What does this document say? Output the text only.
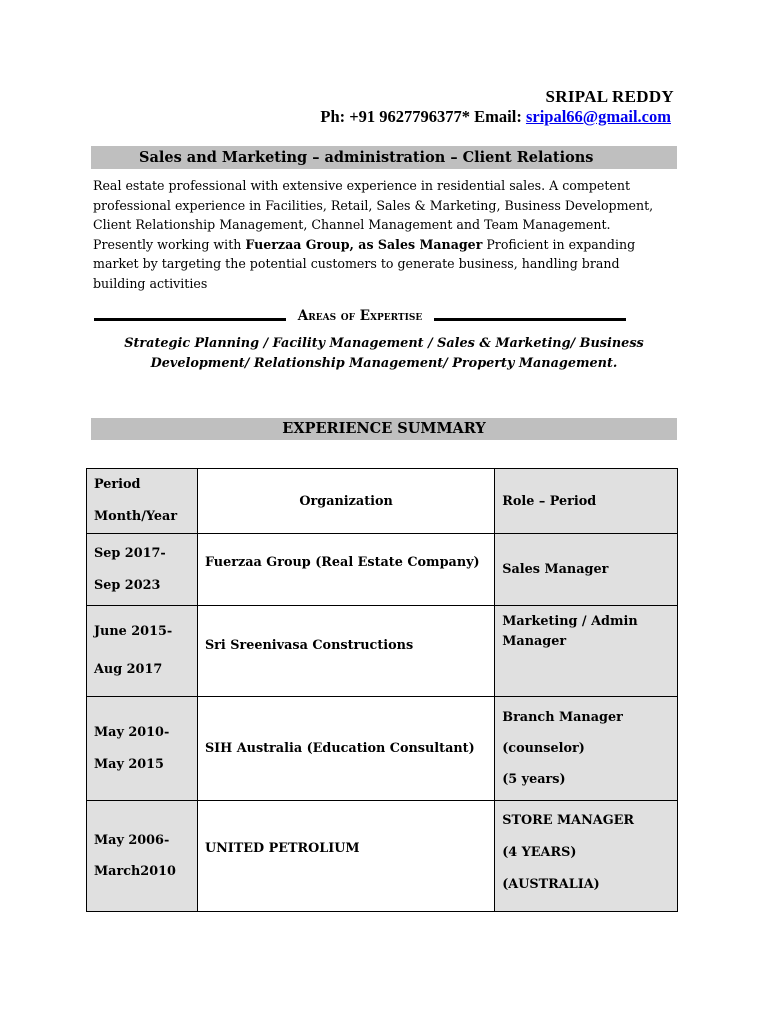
SRIPAL REDDY
Ph: +91 9627796377* Email: sripal66@gmail.com
Sales and Marketing – administration – Client Relations
Real estate professional with extensive experience in residential sales. A competent professional experience in Facilities, Retail, Sales & Marketing, Business Development, Client Relationship Management, Channel Management and Team Management. Presently working with Fuerzaa Group, as Sales Manager Proficient in expanding market by targeting the potential customers to generate business, handling brand building activities
Areas of Expertise
Strategic Planning / Facility Management / Sales & Marketing/ Business Development/ Relationship Management/ Property Management.
EXPERIENCE SUMMARY
Period
Month/Year	Organization	Role – Period

Sep 2017-
Sep 2023	Fuerzaa Group (Real Estate Company)	Sales Manager

June 2015-
Aug 2017	Sri Sreenivasa Constructions	Marketing / Admin Manager

May 2010-
May 2015	SIH Australia (Education Consultant)	Branch Manager
(counselor)
(5 years)

May 2006-
March2010	UNITED PETROLIUM	STORE MANAGER
(4 YEARS)
(AUSTRALIA)
